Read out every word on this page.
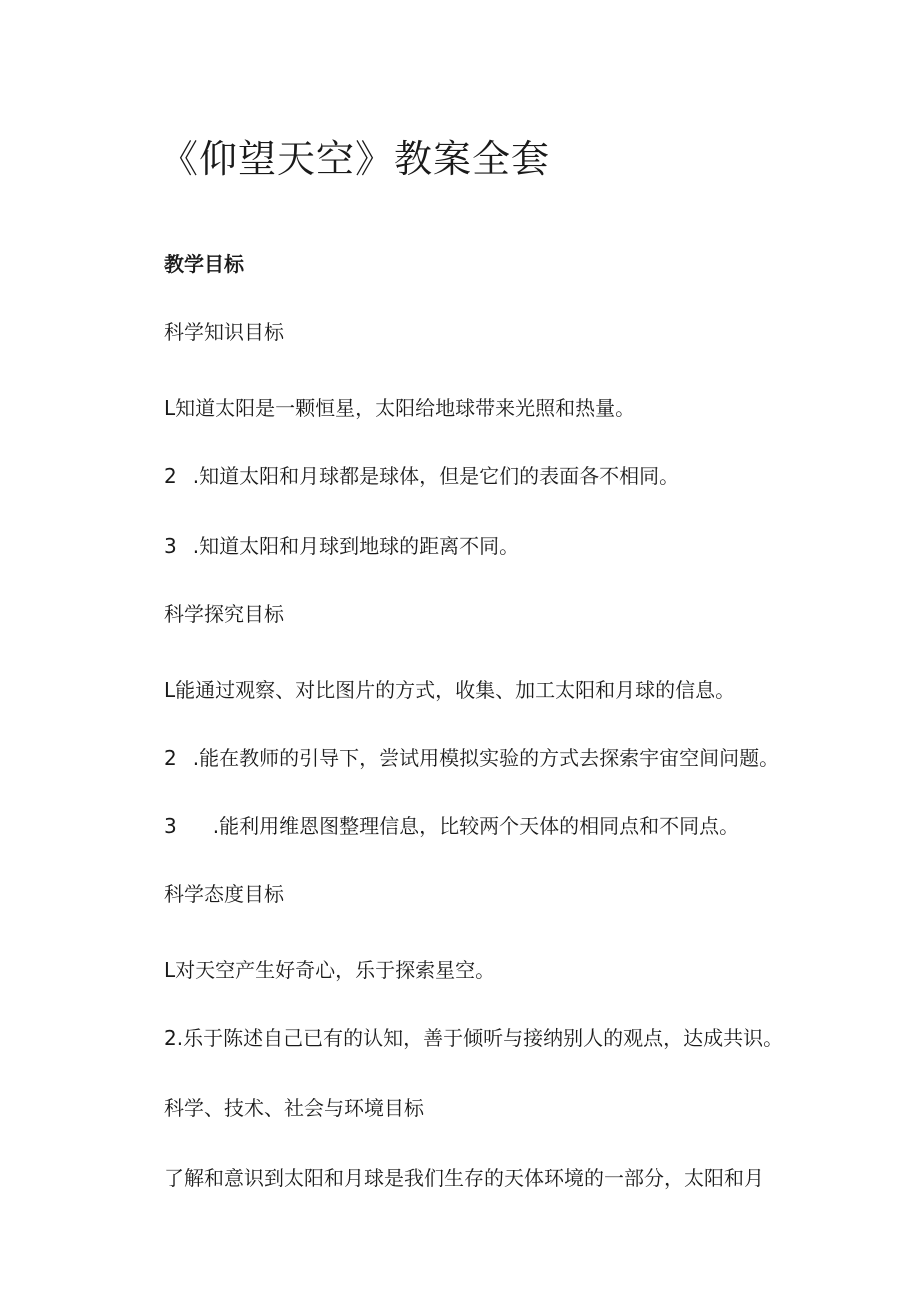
《仰望天空》教案全套
教学目标
科学知识目标
L知道太阳是一颗恒星，太阳给地球带来光照和热量。
2 .知道太阳和月球都是球体，但是它们的表面各不相同。
3 .知道太阳和月球到地球的距离不同。
科学探究目标
L能通过观察、对比图片的方式，收集、加工太阳和月球的信息。
2 .能在教师的引导下，尝试用模拟实验的方式去探索宇宙空间问题。
3 .能利用维恩图整理信息，比较两个天体的相同点和不同点。
科学态度目标
L对天空产生好奇心，乐于探索星空。
2.乐于陈述自己已有的认知，善于倾听与接纳别人的观点，达成共识。
科学、技术、社会与环境目标
了解和意识到太阳和月球是我们生存的天体环境的一部分，太阳和月
